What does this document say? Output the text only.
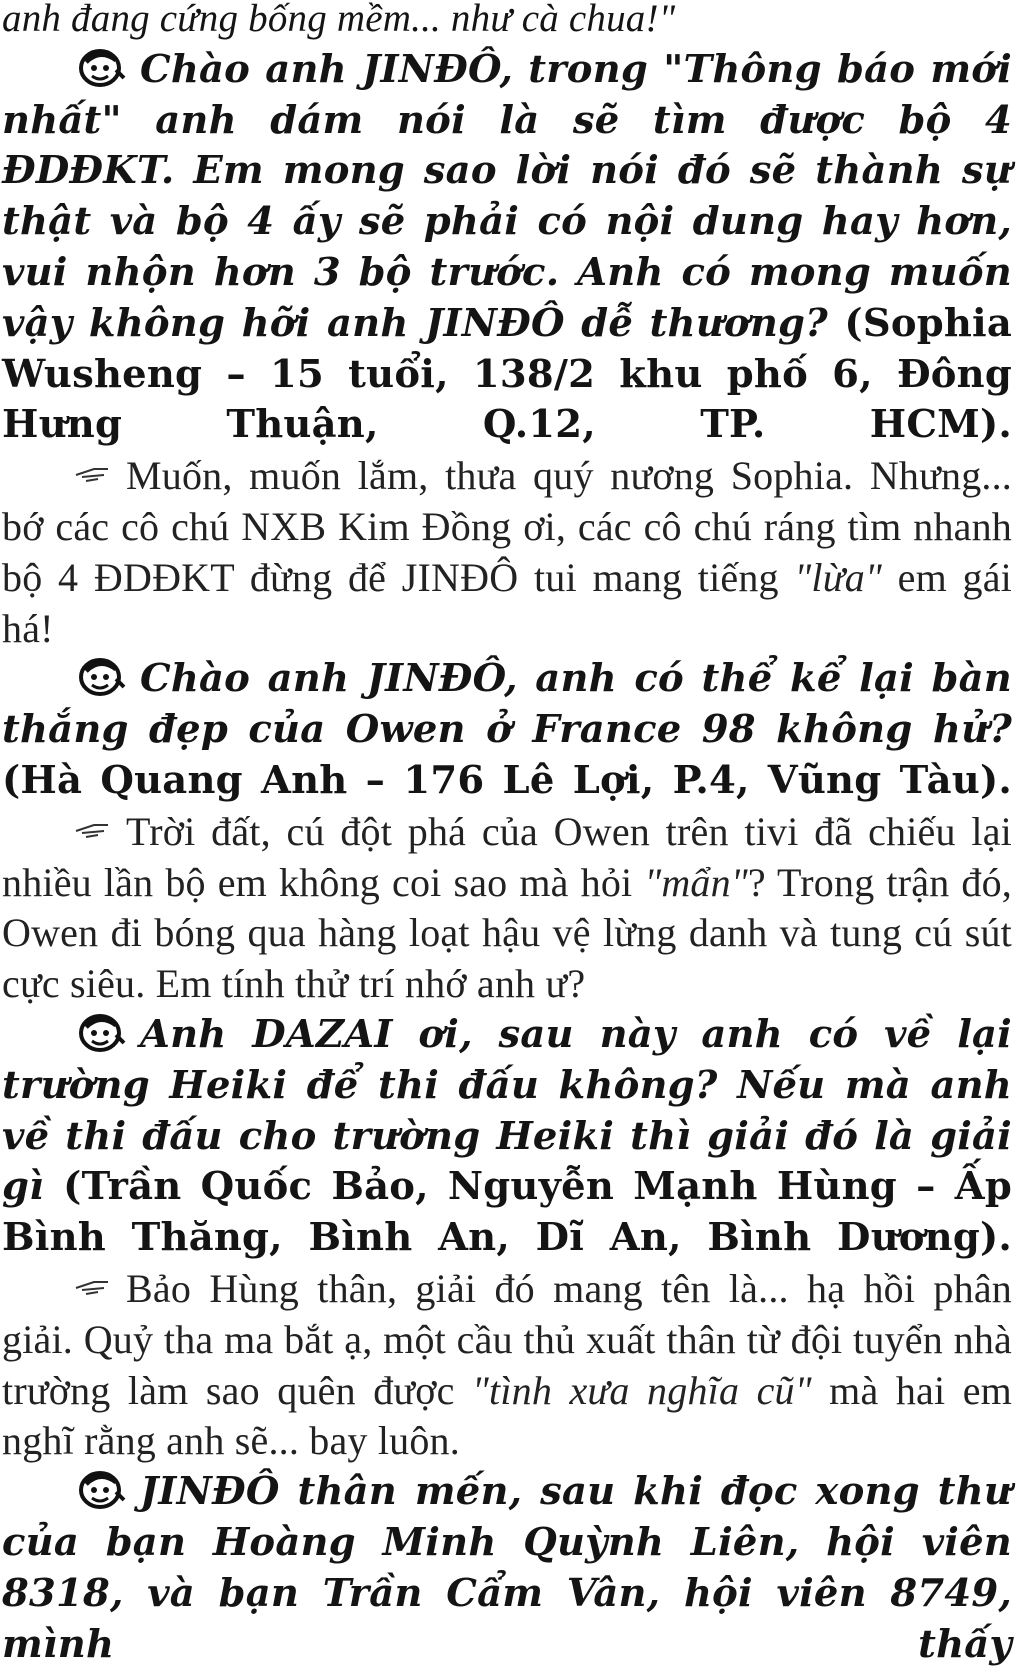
anh đang cứng bống mềm... như cà chua!"

Chào anh JINĐÔ, trong "Thông báo mới nhất" anh dám nói là sẽ tìm được bộ 4 ĐDĐKT. Em mong sao lời nói đó sẽ thành sự thật và bộ 4 ấy sẽ phải có nội dung hay hơn, vui nhộn hơn 3 bộ trước. Anh có mong muốn vậy không hỡi anh JINĐÔ dễ thương? (Sophia Wusheng – 15 tuổi, 138/2 khu phố 6, Đông Hưng Thuận, Q.12, TP. HCM).

Muốn, muốn lắm, thưa quý nương Sophia. Nhưng... bớ các cô chú NXB Kim Đồng ơi, các cô chú ráng tìm nhanh bộ 4 ĐDĐKT đừng để JINĐÔ tui mang tiếng "lừa" em gái há!

Chào anh JINĐÔ, anh có thể kể lại bàn thắng đẹp của Owen ở France 98 không hử? (Hà Quang Anh – 176 Lê Lợi, P.4, Vũng Tàu).

Trời đất, cú đột phá của Owen trên tivi đã chiếu lại nhiều lần bộ em không coi sao mà hỏi "mẩn"? Trong trận đó, Owen đi bóng qua hàng loạt hậu vệ lừng danh và tung cú sút cực siêu. Em tính thử trí nhớ anh ư?

Anh DAZAI ơi, sau này anh có về lại trường Heiki để thi đấu không? Nếu mà anh về thi đấu cho trường Heiki thì giải đó là giải gì (Trần Quốc Bảo, Nguyễn Mạnh Hùng – Ấp Bình Thăng, Bình An, Dĩ An, Bình Dương).

Bảo Hùng thân, giải đó mang tên là... hạ hồi phân giải. Quỷ tha ma bắt ạ, một cầu thủ xuất thân từ đội tuyển nhà trường làm sao quên được "tình xưa nghĩa cũ" mà hai em nghĩ rằng anh sẽ... bay luôn.

JINĐÔ thân mến, sau khi đọc xong thư của bạn Hoàng Minh Quỳnh Liên, hội viên 8318, và bạn Trần Cẩm Vân, hội viên 8749, mình thấy
